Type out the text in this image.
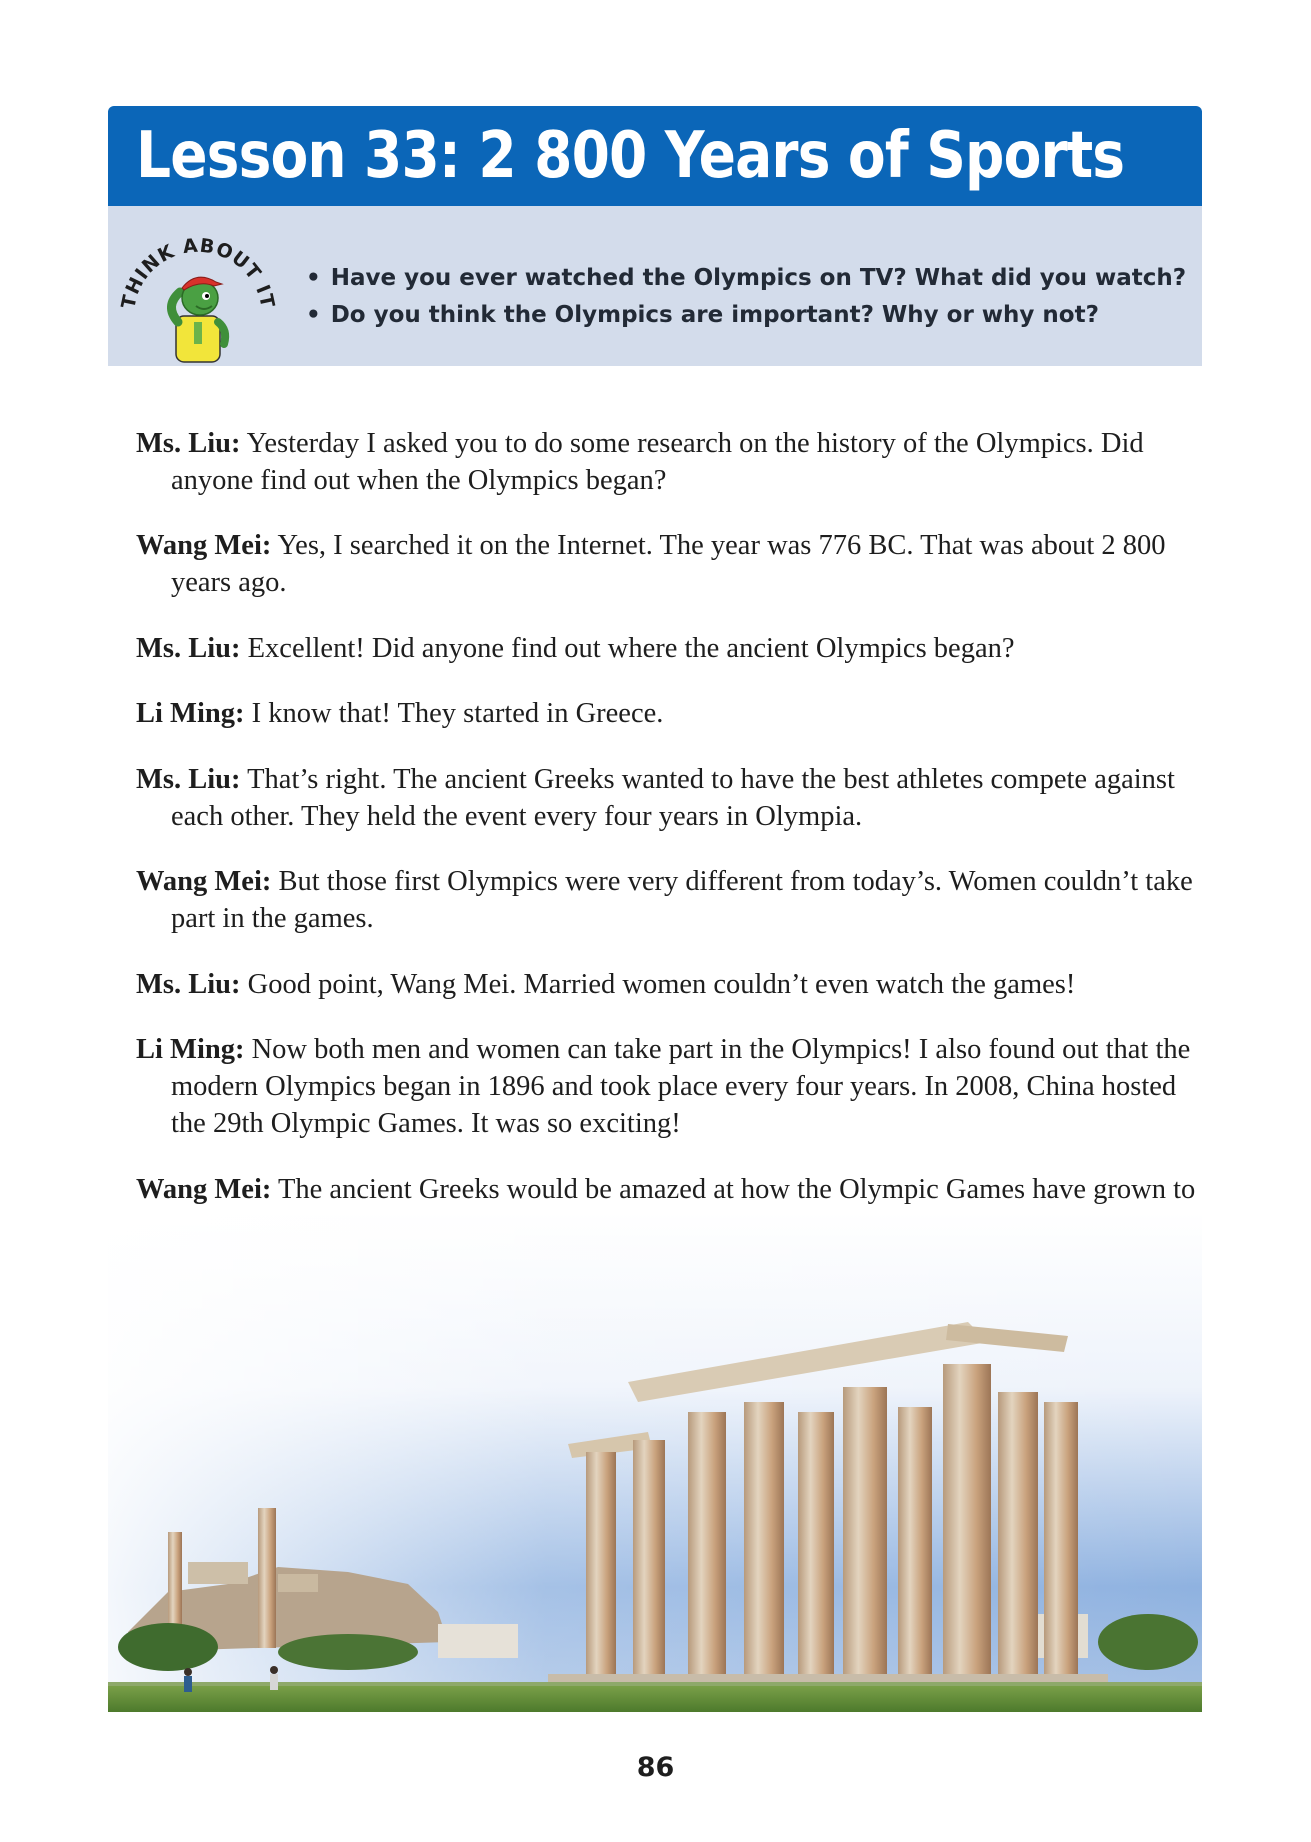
Lesson 33: 2 800 Years of Sports
THINK ABOUT IT
• Have you ever watched the Olympics on TV? What did you watch?
• Do you think the Olympics are important? Why or why not?

Ms. Liu: Yesterday I asked you to do some research on the history of the Olympics. Did anyone find out when the Olympics began?

Wang Mei: Yes, I searched it on the Internet. The year was 776 BC. That was about 2 800 years ago.

Ms. Liu: Excellent! Did anyone find out where the ancient Olympics began?

Li Ming: I know that! They started in Greece.

Ms. Liu: That’s right. The ancient Greeks wanted to have the best athletes compete against each other. They held the event every four years in Olympia.

Wang Mei: But those first Olympics were very different from today’s. Women couldn’t take part in the games.

Ms. Liu: Good point, Wang Mei. Married women couldn’t even watch the games!

Li Ming: Now both men and women can take part in the Olympics! I also found out that the modern Olympics began in 1896 and took place every four years. In 2008, China hosted the 29th Olympic Games. It was so exciting!

Wang Mei: The ancient Greeks would be amazed at how the Olympic Games have grown to

86
